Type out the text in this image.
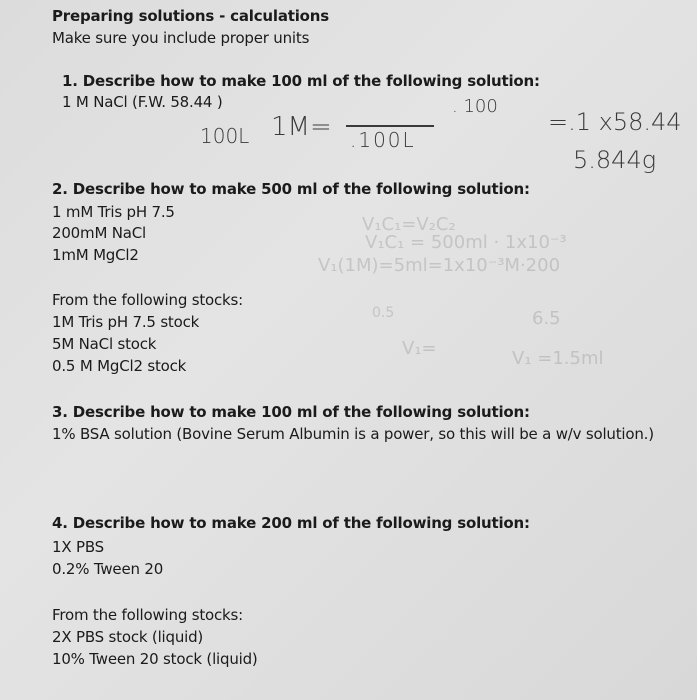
Preparing solutions - calculations
Make sure you include proper units
1. Describe how to make 100 ml of the following solution:
1 M NaCl (F.W. 58.44 )
100L 1M= .100L
. 100
=.1 x58.44
5.844g
2. Describe how to make 500 ml of the following solution:
1 mM Tris pH 7.5
200mM NaCl
1mM MgCl2
From the following stocks:
1M Tris pH 7.5 stock
5M NaCl stock
0.5 M MgCl2 stock
V₁C₁=V₂C₂
V₁C₁ = 500ml · 1x10⁻³
V₁(1M)=5ml=1x10⁻³M·200
0.5	6.5
V₁=	V₁ =1.5ml
3. Describe how to make 100 ml of the following solution:
1% BSA solution (Bovine Serum Albumin is a power, so this will be a w/v solution.)
4. Describe how to make 200 ml of the following solution:
1X PBS
0.2% Tween 20
From the following stocks:
2X PBS stock (liquid)
10% Tween 20 stock (liquid)
